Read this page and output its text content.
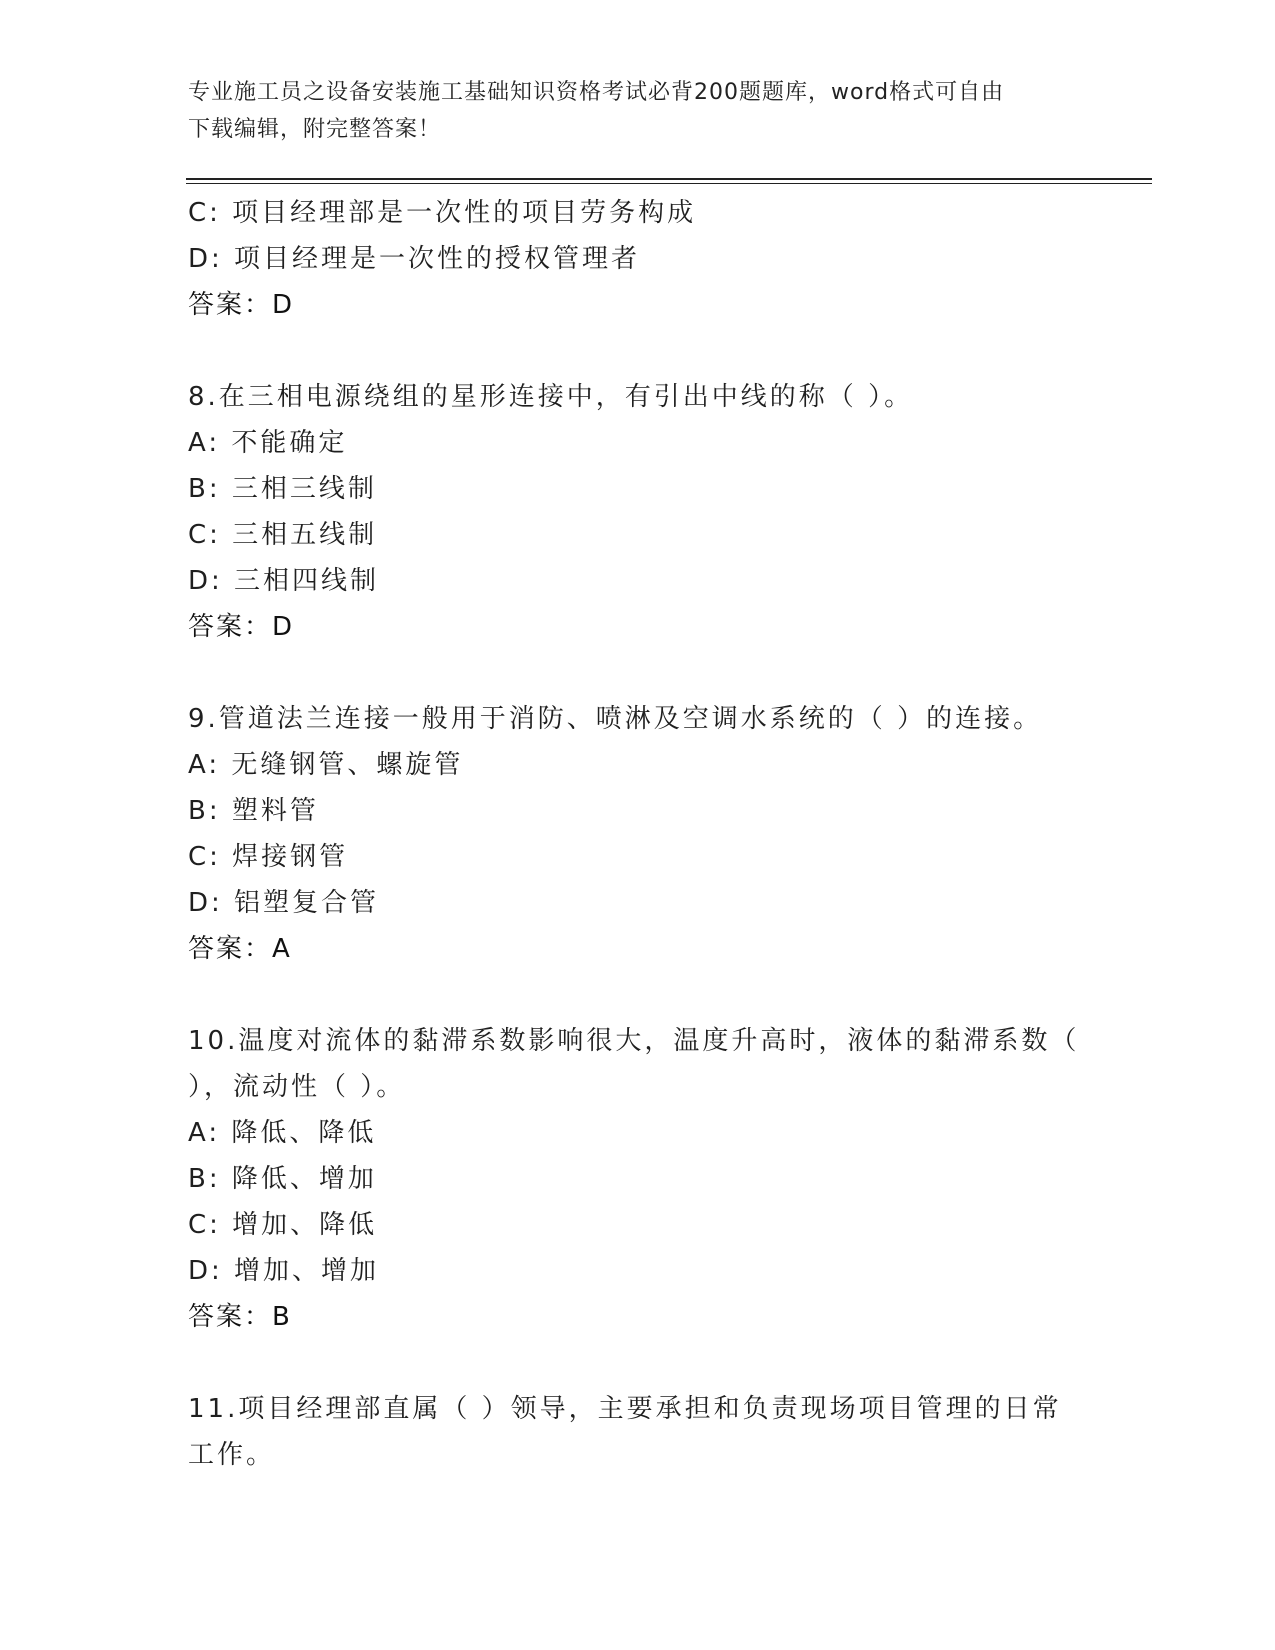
专业施工员之设备安装施工基础知识资格考试必背200题题库，word格式可自由
下载编辑，附完整答案！
C: 项目经理部是一次性的项目劳务构成
D: 项目经理是一次性的授权管理者
答案：D
8.在三相电源绕组的星形连接中，有引出中线的称（ ）。
A: 不能确定
B: 三相三线制
C: 三相五线制
D: 三相四线制
答案：D
9.管道法兰连接一般用于消防、喷淋及空调水系统的（ ）的连接。
A: 无缝钢管、螺旋管
B: 塑料管
C: 焊接钢管
D: 铝塑复合管
答案：A
10.温度对流体的黏滞系数影响很大，温度升高时，液体的黏滞系数（
），流动性（ ）。
A: 降低、降低
B: 降低、增加
C: 增加、降低
D: 增加、增加
答案：B
11.项目经理部直属（ ）领导，主要承担和负责现场项目管理的日常
工作。
